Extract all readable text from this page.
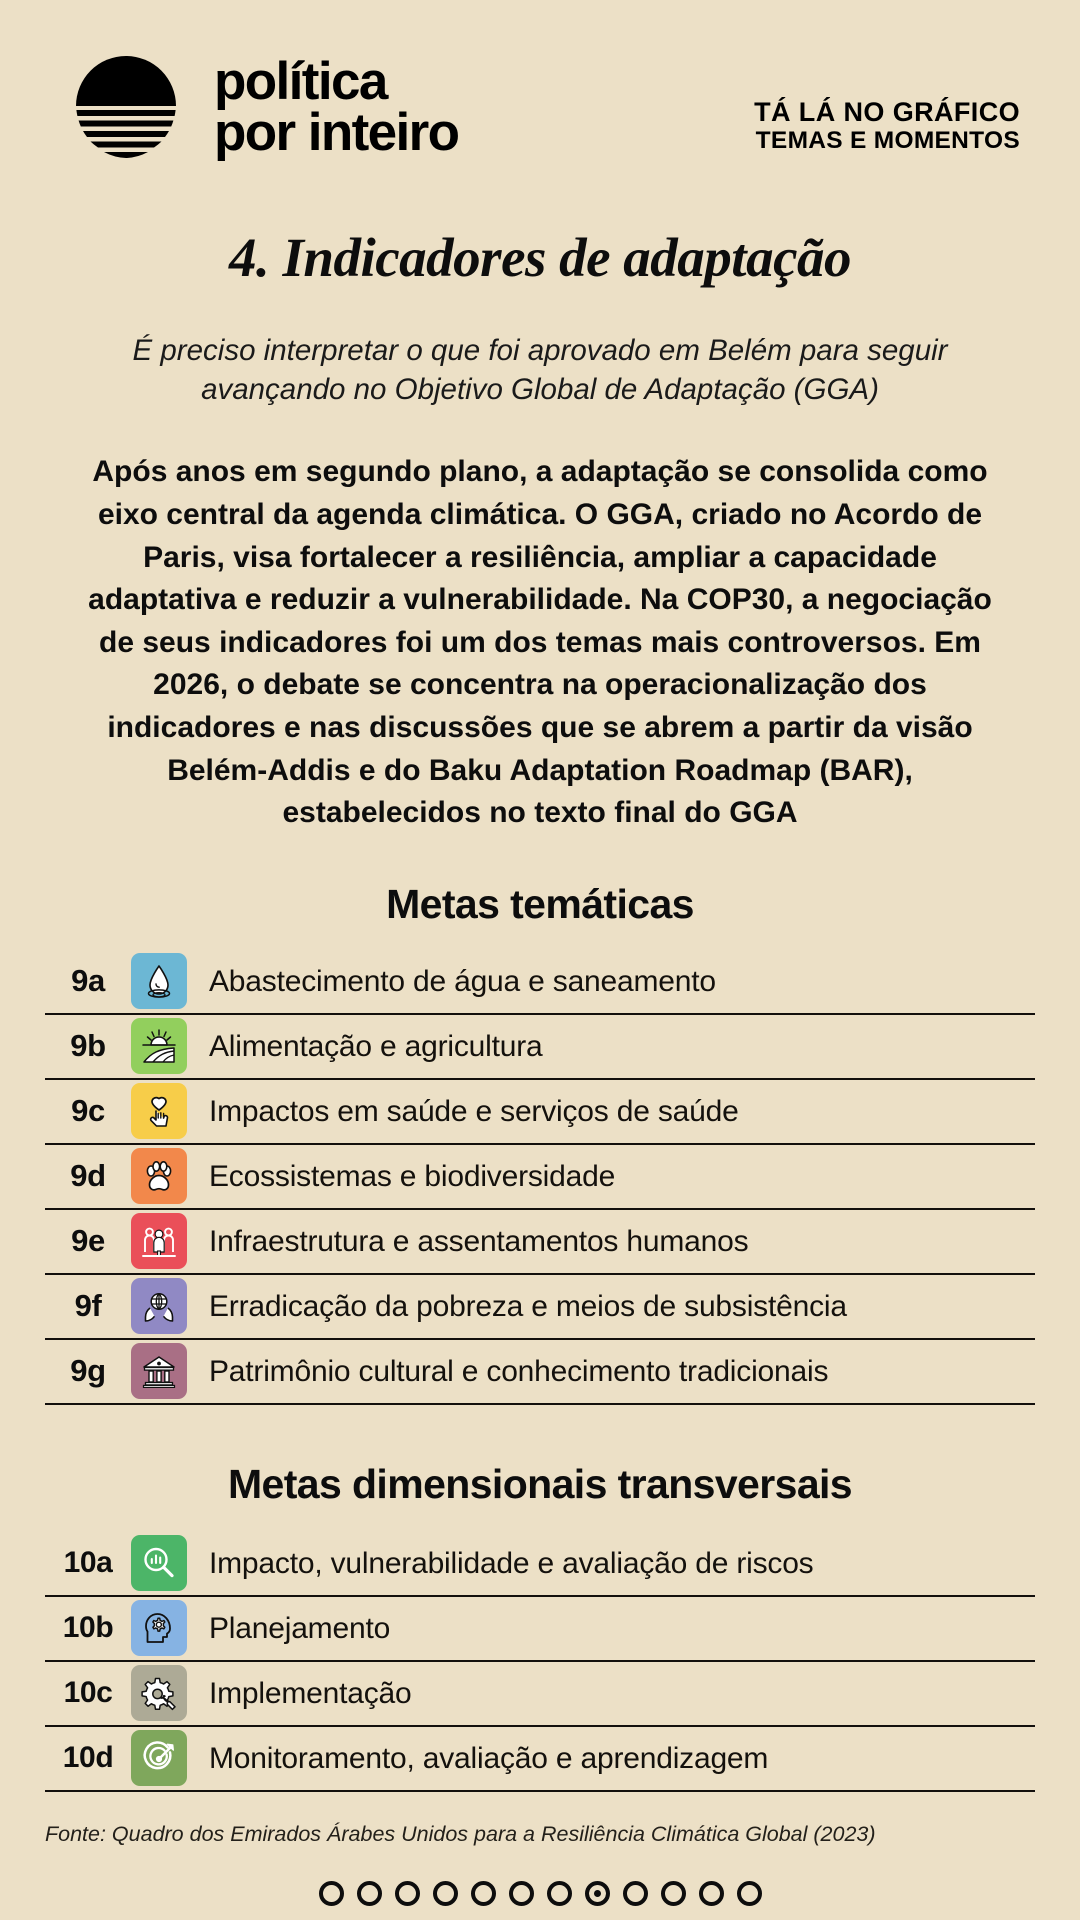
política
por inteiro	TÁ LÁ NO GRÁFICO
TEMAS E MOMENTOS
4. Indicadores de adaptação

É preciso interpretar o que foi aprovado em Belém para seguir avançando no Objetivo Global de Adaptação (GGA)

Após anos em segundo plano, a adaptação se consolida como eixo central da agenda climática. O GGA, criado no Acordo de Paris, visa fortalecer a resiliência, ampliar a capacidade adaptativa e reduzir a vulnerabilidade. Na COP30, a negociação de seus indicadores foi um dos temas mais controversos. Em 2026, o debate se concentra na operacionalização dos indicadores e nas discussões que se abrem a partir da visão Belém-Addis e do Baku Adaptation Roadmap (BAR), estabelecidos no texto final do GGA

Metas temáticas
9a	Abastecimento de água e saneamento
9b	Alimentação e agricultura
9c	Impactos em saúde e serviços de saúde
9d	Ecossistemas e biodiversidade
9e	Infraestrutura e assentamentos humanos
9f	Erradicação da pobreza e meios de subsistência
9g	Patrimônio cultural e conhecimento tradicionais
Metas dimensionais transversais
10a	Impacto, vulnerabilidade e avaliação de riscos
10b	Planejamento
10c	Implementação
10d	Monitoramento, avaliação e aprendizagem
Fonte: Quadro dos Emirados Árabes Unidos para a Resiliência Climática Global (2023)
